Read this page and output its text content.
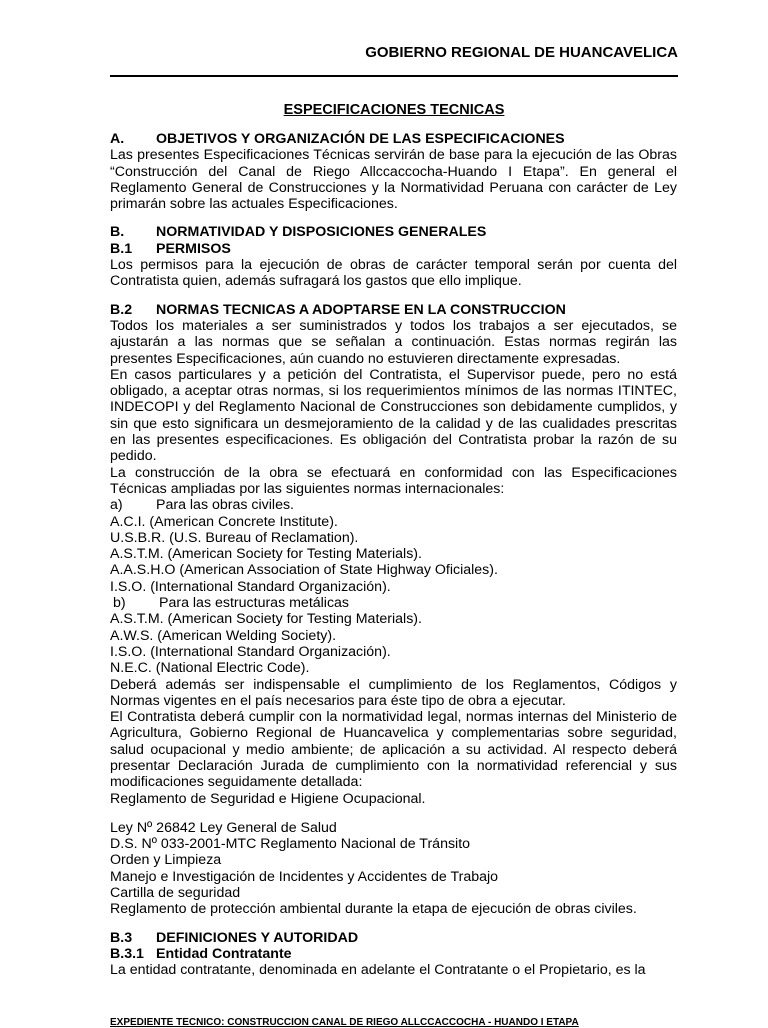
GOBIERNO REGIONAL DE HUANCAVELICA
ESPECIFICACIONES TECNICAS
A. OBJETIVOS Y ORGANIZACIÓN DE LAS ESPECIFICACIONES

Las presentes Especificaciones Técnicas servirán de base para la ejecución de las Obras “Construcción del Canal de Riego Allccaccocha-Huando I Etapa”. En general el Reglamento General de Construcciones y la Normatividad Peruana con carácter de Ley primarán sobre las actuales Especificaciones.

B. NORMATIVIDAD Y DISPOSICIONES GENERALES
B.1 PERMISOS

Los permisos para la ejecución de obras de carácter temporal serán por cuenta del Contratista quien, además sufragará los gastos que ello implique.

B.2 NORMAS TECNICAS A ADOPTARSE EN LA CONSTRUCCION

Todos los materiales a ser suministrados y todos los trabajos a ser ejecutados, se ajustarán a las normas que se señalan a continuación. Estas normas regirán las presentes Especificaciones, aún cuando no estuvieren directamente expresadas.

En casos particulares y a petición del Contratista, el Supervisor puede, pero no está obligado, a aceptar otras normas, si los requerimientos mínimos de las normas ITINTEC, INDECOPI y del Reglamento Nacional de Construcciones son debidamente cumplidos, y sin que esto significara un desmejoramiento de la calidad y de las cualidades prescritas en las presentes especificaciones. Es obligación del Contratista probar la razón de su pedido.

La construcción de la obra se efectuará en conformidad con las Especificaciones Técnicas ampliadas por las siguientes normas internacionales:

a) Para las obras civiles.
A.C.I. (American Concrete Institute).
U.S.B.R. (U.S. Bureau of Reclamation).
A.S.T.M. (American Society for Testing Materials).
A.A.S.H.O (American Association of State Highway Oficiales).
I.S.O. (International Standard Organización).
b) Para las estructuras metálicas
A.S.T.M. (American Society for Testing Materials).
A.W.S. (American Welding Society).
I.S.O. (International Standard Organización).
N.E.C. (National Electric Code).

Deberá además ser indispensable el cumplimiento de los Reglamentos, Códigos y Normas vigentes en el país necesarios para éste tipo de obra a ejecutar.

El Contratista deberá cumplir con la normatividad legal, normas internas del Ministerio de Agricultura, Gobierno Regional de Huancavelica y complementarias sobre seguridad, salud ocupacional y medio ambiente; de aplicación a su actividad. Al respecto deberá presentar Declaración Jurada de cumplimiento con la normatividad referencial y sus modificaciones seguidamente detallada:

Reglamento de Seguridad e Higiene Ocupacional.
Ley Nº 26842 Ley General de Salud
D.S. Nº 033-2001-MTC Reglamento Nacional de Tránsito
Orden y Limpieza
Manejo e Investigación de Incidentes y Accidentes de Trabajo
Cartilla de seguridad
Reglamento de protección ambiental durante la etapa de ejecución de obras civiles.
B.3 DEFINICIONES Y AUTORIDAD
B.3.1 Entidad Contratante

La entidad contratante, denominada en adelante el Contratante o el Propietario, es la

EXPEDIENTE TECNICO: CONSTRUCCION CANAL DE RIEGO ALLCCACCOCHA - HUANDO I ETAPA
